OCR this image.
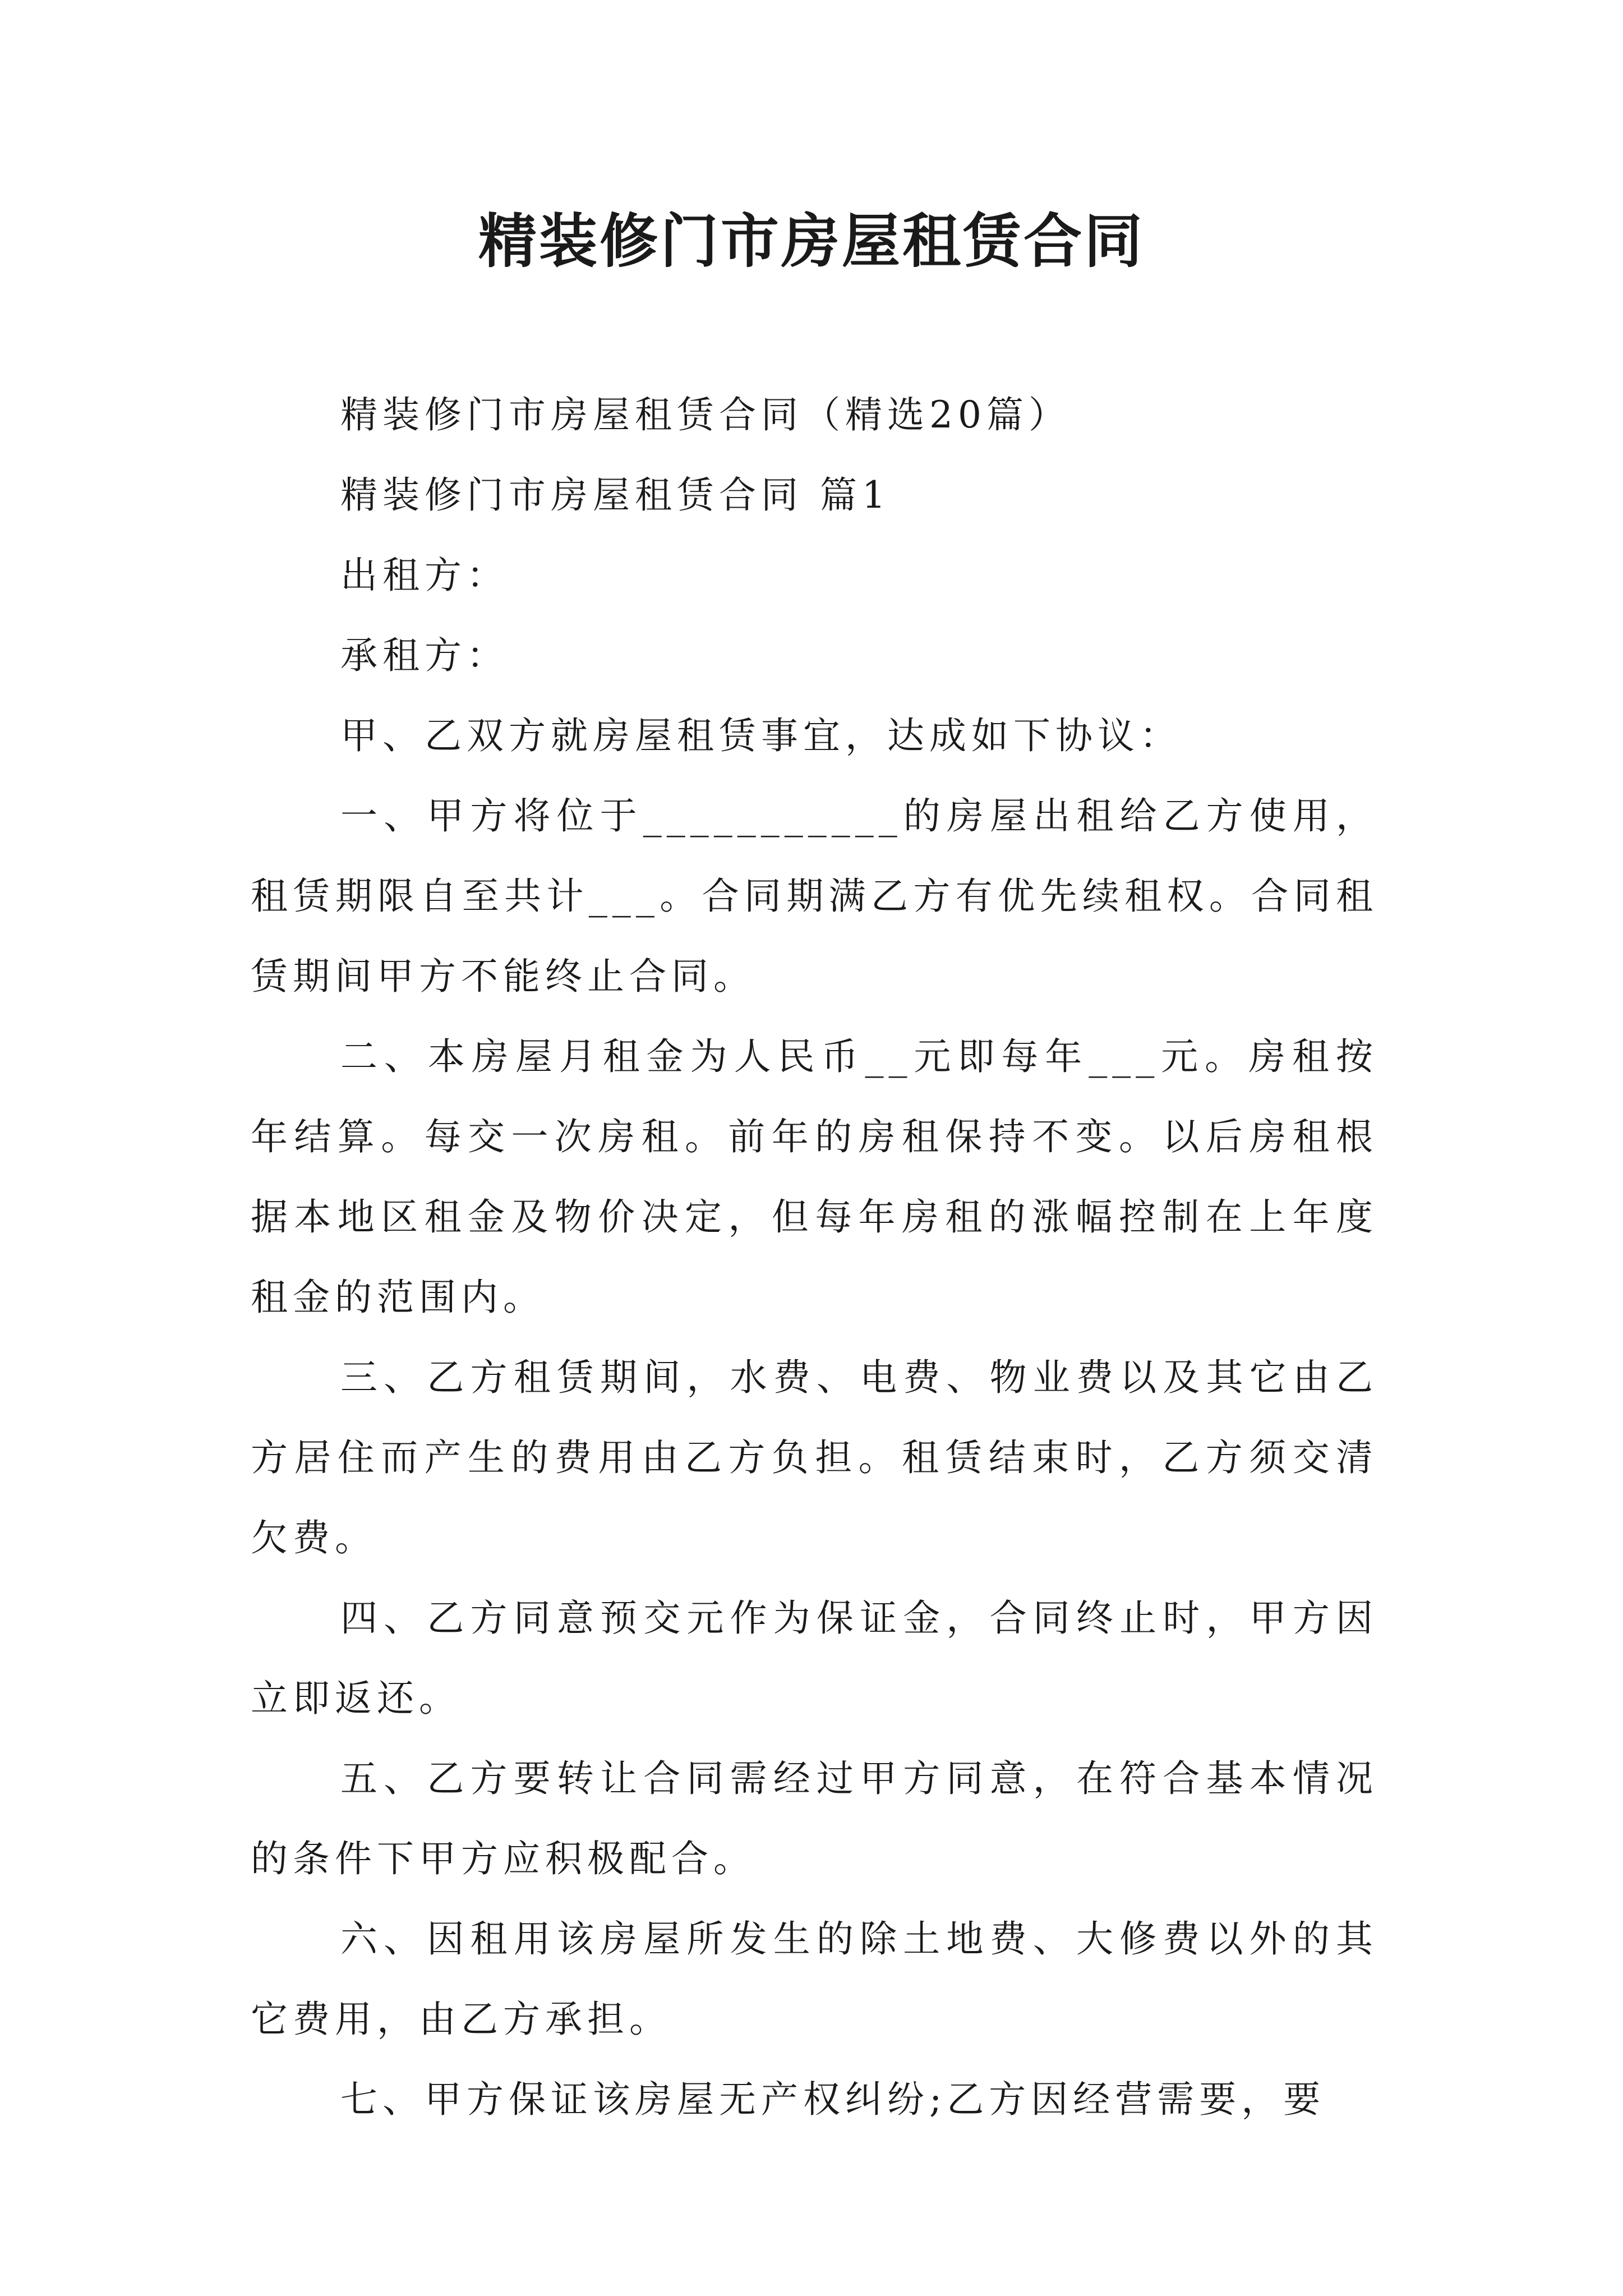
精装修门市房屋租赁合同

精装修门市房屋租赁合同（精选20篇）

精装修门市房屋租赁合同 篇1

出租方：

承租方：

甲、乙双方就房屋租赁事宜，达成如下协议：

一、甲方将位于___________的房屋出租给乙方使用，租赁期限自至共计___。合同期满乙方有优先续租权。合同租赁期间甲方不能终止合同。

二、本房屋月租金为人民币__元即每年___元。房租按年结算。每交一次房租。前年的房租保持不变。以后房租根据本地区租金及物价决定，但每年房租的涨幅控制在上年度租金的范围内。

三、乙方租赁期间，水费、电费、物业费以及其它由乙方居住而产生的费用由乙方负担。租赁结束时，乙方须交清欠费。

四、乙方同意预交元作为保证金，合同终止时，甲方因立即返还。

五、乙方要转让合同需经过甲方同意，在符合基本情况的条件下甲方应积极配合。

六、因租用该房屋所发生的除土地费、大修费以外的其它费用，由乙方承担。

七、甲方保证该房屋无产权纠纷;乙方因经营需要，要
